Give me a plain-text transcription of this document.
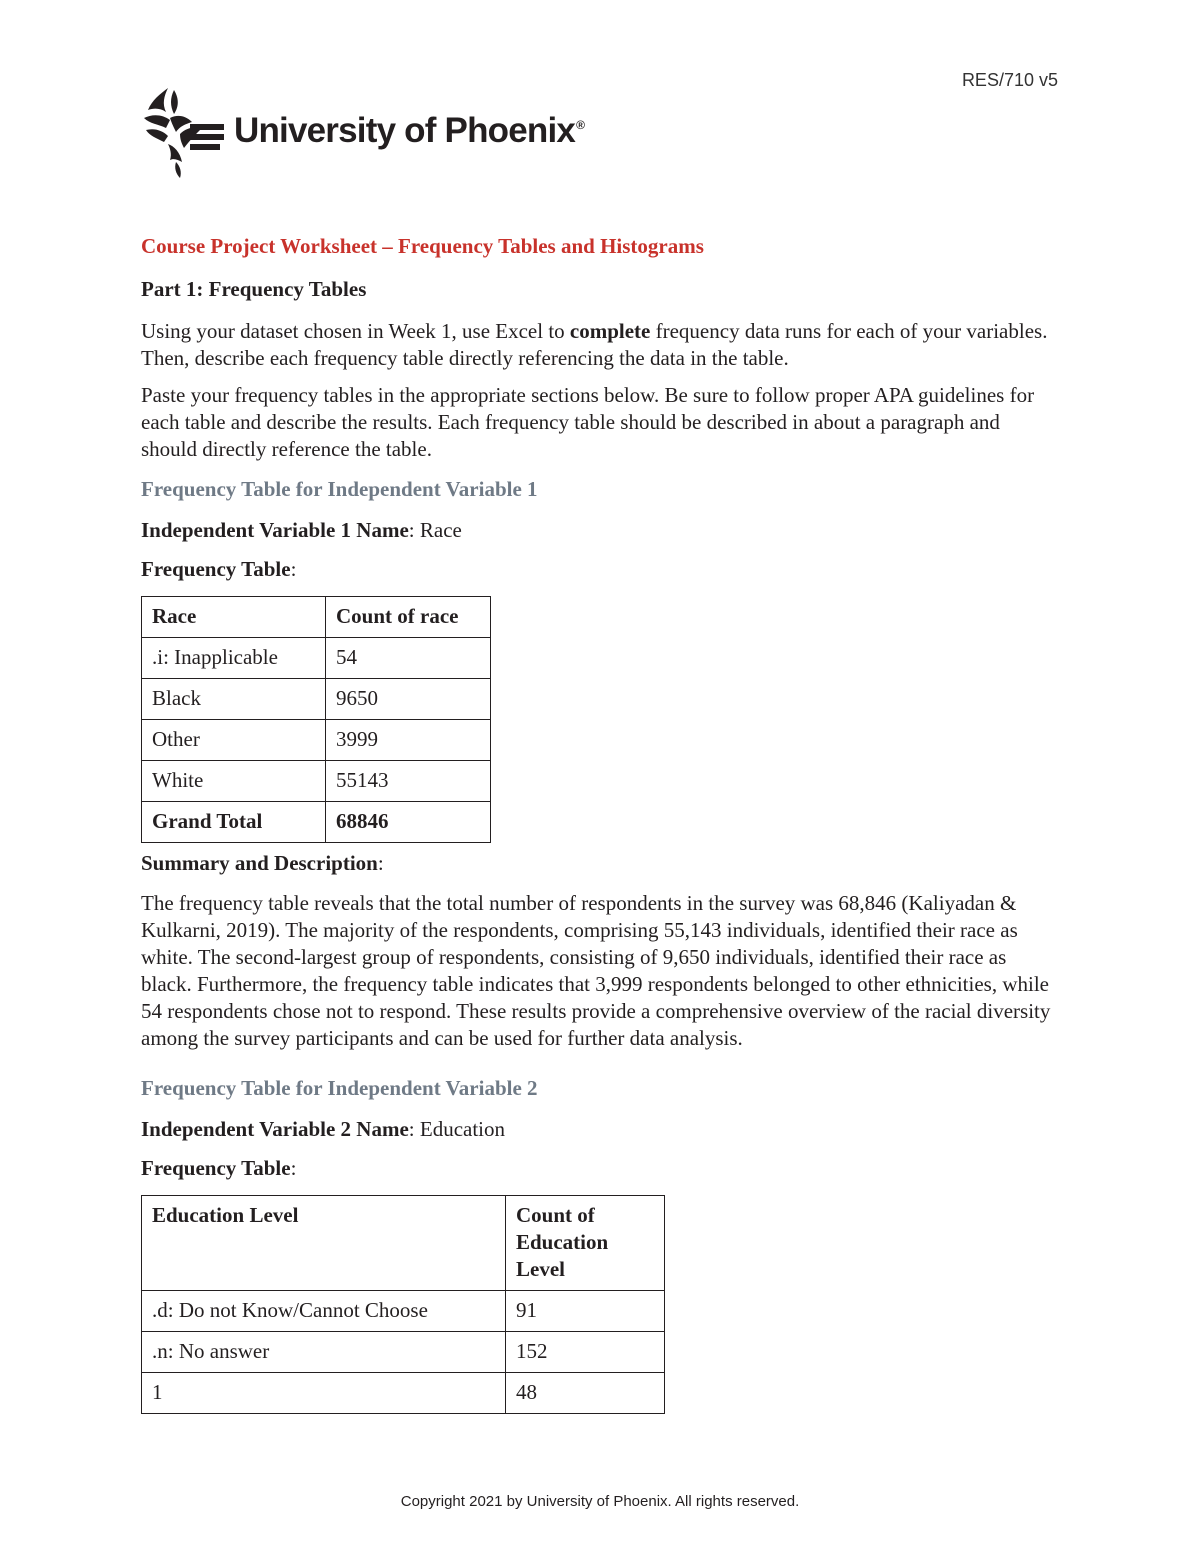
RES/710 v5
University of Phoenix®
Course Project Worksheet – Frequency Tables and Histograms
Part 1: Frequency Tables

Using your dataset chosen in Week 1, use Excel to complete frequency data runs for each of your variables. Then, describe each frequency table directly referencing the data in the table.

Paste your frequency tables in the appropriate sections below. Be sure to follow proper APA guidelines for each table and describe the results. Each frequency table should be described in about a paragraph and should directly reference the table.

Frequency Table for Independent Variable 1
Independent Variable 1 Name: Race
Frequency Table:
Race	Count of race
.i: Inapplicable	54
Black	9650
Other	3999
White	55143
Grand Total	68846
Summary and Description:

The frequency table reveals that the total number of respondents in the survey was 68,846 (Kaliyadan & Kulkarni, 2019). The majority of the respondents, comprising 55,143 individuals, identified their race as white. The second-largest group of respondents, consisting of 9,650 individuals, identified their race as black. Furthermore, the frequency table indicates that 3,999 respondents belonged to other ethnicities, while 54 respondents chose not to respond. These results provide a comprehensive overview of the racial diversity among the survey participants and can be used for further data analysis.

Frequency Table for Independent Variable 2
Independent Variable 2 Name: Education
Frequency Table:
Education Level	Count of Education Level
.d: Do not Know/Cannot Choose	91
.n: No answer	152
1	48
Copyright 2021 by University of Phoenix. All rights reserved.
